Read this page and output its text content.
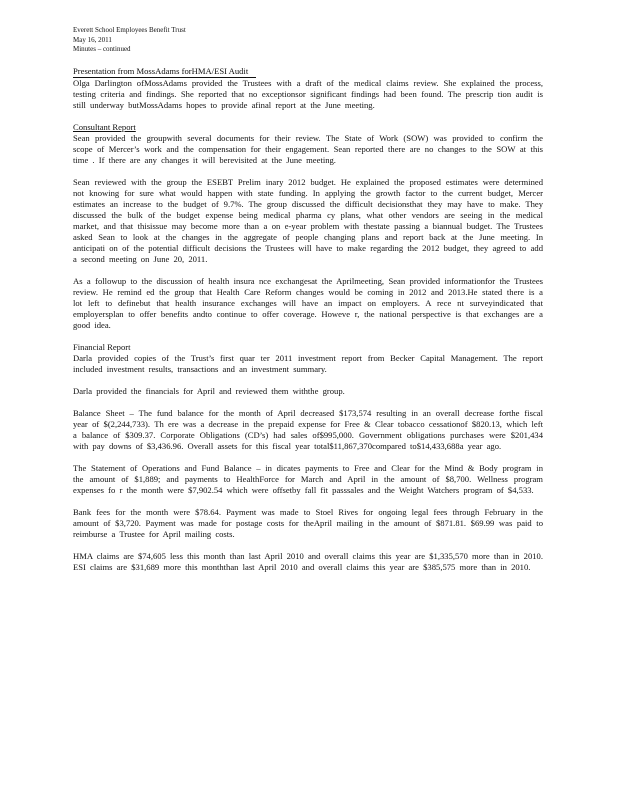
Everett School Employees Benefit Trust
May 16, 2011
Minutes – continued
Presentation from MossAdams forHMA/ESI Audit

Olga Darlington ofMossAdams provided the Trustees with a draft of the medical claims review. She explained the process, testing criteria and findings. She reported that no exceptionsor significant findings had been found. The prescrip tion audit is still underway butMossAdams hopes to provide afinal report at the June meeting.

Consultant Report

Sean provided the groupwith several documents for their review. The State of Work (SOW) was provided to confirm the scope of Mercer’s work and the compensation for their engagement. Sean reported there are no changes to the SOW at this time . If there are any changes it will berevisited at the June meeting.

Sean reviewed with the group the ESEBT Prelim inary 2012 budget. He explained the proposed estimates were determined not knowing for sure what would happen with state funding. In applying the growth factor to the current budget, Mercer estimates an increase to the budget of 9.7%. The group discussed the difficult decisionsthat they may have to make. They discussed the bulk of the budget expense being medical pharma cy plans, what other vendors are seeing in the medical market, and that thisissue may become more than a on e-year problem with thestate passing a biannual budget. The Trustees asked Sean to look at the changes in the aggregate of people changing plans and report back at the June meeting. In anticipati on of the potential difficult decisions the Trustees will have to make regarding the 2012 budget, they agreed to add a second meeting on June 20, 2011.

As a followup to the discussion of health insura nce exchangesat the Aprilmeeting, Sean provided informationfor the Trustees review. He remind ed the group that Health Care Reform changes would be coming in 2012 and 2013.He stated there is a lot left to definebut that health insurance exchanges will have an impact on employers. A rece nt surveyindicated that employersplan to offer benefits andto continue to offer coverage. Howeve r, the national perspective is that exchanges are a good idea.

Financial Report

Darla provided copies of the Trust’s first quar ter 2011 investment report from Becker Capital Management. The report included investment results, transactions and an investment summary.

Darla provided the financials for April and reviewed them withthe group.

Balance Sheet – The fund balance for the month of April decreased $173,574 resulting in an overall decrease forthe fiscal year of $(2,244,733). Th ere was a decrease in the prepaid expense for Free & Clear tobacco cessationof $820.13, which left a balance of $309.37. Corporate Obligations (CD’s) had sales of$995,000. Government obligations purchases were $201,434 with pay downs of $3,436.96. Overall assets for this fiscal year total$11,867,370compared to$14,433,688a year ago.

The Statement of Operations and Fund Balance – in dicates payments to Free and Clear for the Mind & Body program in the amount of $1,889; and payments to HealthForce for March and April in the amount of $8,700. Wellness program expenses fo r the month were $7,902.54 which were offsetby fall fit passsales and the Weight Watchers program of $4,533.

Bank fees for the month were $78.64. Payment was made to Stoel Rives for ongoing legal fees through February in the amount of $3,720. Payment was made for postage costs for theApril mailing in the amount of $871.81. $69.99 was paid to reimburse a Trustee for April mailing costs.

HMA claims are $74,605 less this month than last April 2010 and overall claims this year are $1,335,570 more than in 2010. ESI claims are $31,689 more this monththan last April 2010 and overall claims this year are $385,575 more than in 2010.
